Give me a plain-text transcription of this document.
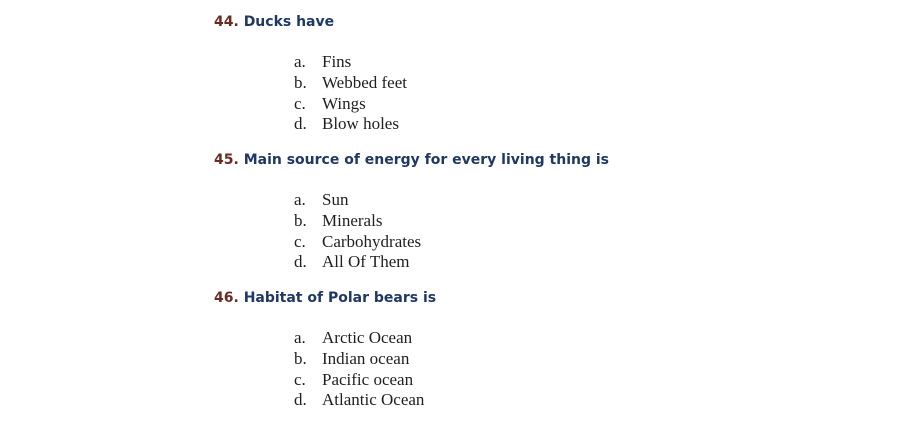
44. Ducks have

a. Fins
b. Webbed feet
c. Wings
d. Blow holes

45. Main source of energy for every living thing is

a. Sun
b. Minerals
c. Carbohydrates
d. All Of Them

46. Habitat of Polar bears is

a. Arctic Ocean
b. Indian ocean
c. Pacific ocean
d. Atlantic Ocean
